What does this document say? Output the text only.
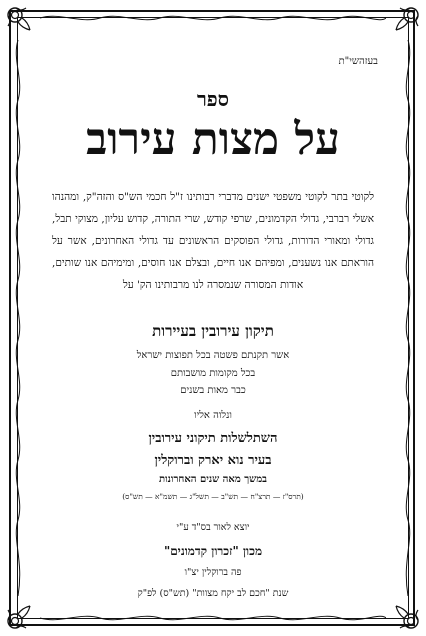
בעזהשי"ת
ספר
על מצות עירוב
לקוטי בתר לקוטי משפטי ישנים מדברי רבותינו ז"ל חכמי הש"ס והזה"ק, ומהנהו אשלי רברבי, גדולי הקדמונים, שרפי קודש, שרי התורה, קדוש עליון, מצוקי תבל, גדולי ומאורי הדורות, גדולי הפוסקים הראשונים עד גדולי האחרונים, אשר על הוראתם אנו נשענים, ומפיהם אנו חיים, ובצלם אנו חוסים, ומימיהם אנו שותים, אודות המסורה שנמסרה לנו מרבותינו הק' על
תיקון עירובין בעיירות
אשר תקנתם פשטה בכל תפוצות ישראל
בכל מקומות מושבותם
כבר מאות בשנים
ונלוה אליו
השתלשלות תיקוני עירובין
בעיר נוא יארק וברוקלין
במשך מאה שנים האחרונות
(תרס"ז — תרצ"ח — תש"ב — תשל"ג — תשמ"א — תש"ס)
יוצא לאור בס"ד ע"י
מכון "זכרון קדמונים"
פה ברוקלין יצ"ו
שנת "חכם לב יקח מצוות" (תש"ס) לפ"ק
